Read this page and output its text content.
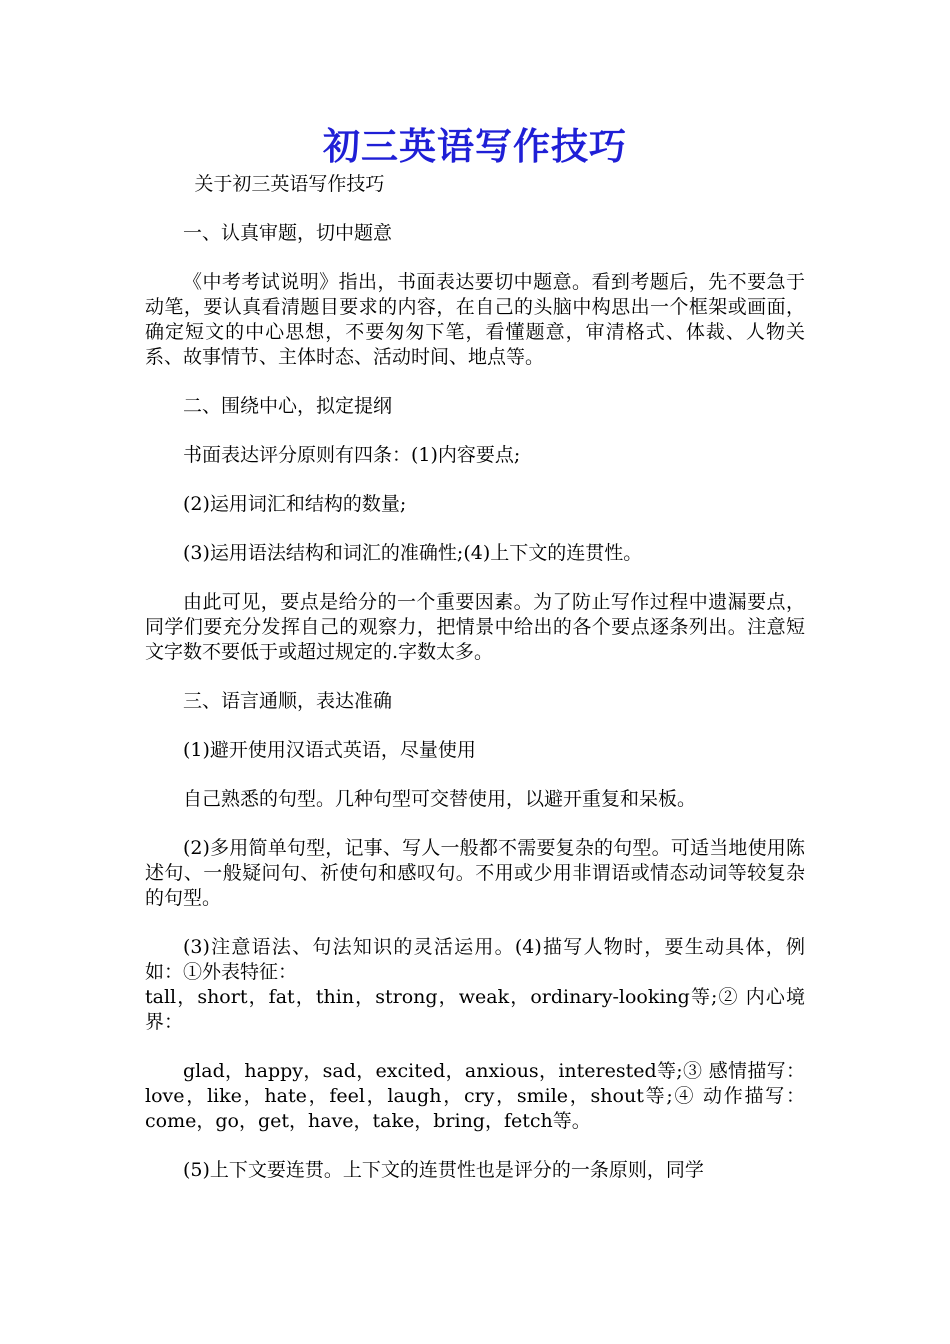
初三英语写作技巧

关于初三英语写作技巧

一、认真审题，切中题意

《中考考试说明》指出，书面表达要切中题意。看到考题后，先不要急于动笔，要认真看清题目要求的内容，在自己的头脑中构思出一个框架或画面，确定短文的中心思想，不要匆匆下笔，看懂题意，审清格式、体裁、人物关系、故事情节、主体时态、活动时间、地点等。

二、围绕中心，拟定提纲

书面表达评分原则有四条：(1)内容要点;

(2)运用词汇和结构的数量;

(3)运用语法结构和词汇的准确性;(4)上下文的连贯性。

由此可见，要点是给分的一个重要因素。为了防止写作过程中遗漏要点，同学们要充分发挥自己的观察力，把情景中给出的各个要点逐条列出。注意短文字数不要低于或超过规定的.字数太多。

三、语言通顺，表达准确

(1)避开使用汉语式英语，尽量使用

自己熟悉的句型。几种句型可交替使用，以避开重复和呆板。

(2)多用简单句型，记事、写人一般都不需要复杂的句型。可适当地使用陈述句、一般疑问句、祈使句和感叹句。不用或少用非谓语或情态动词等较复杂的句型。

(3)注意语法、句法知识的灵活运用。(4)描写人物时，要生动具体，例如：①外表特征：

tall，short，fat，thin，strong，weak，ordinary-looking等;② 内心境界：

glad，happy，sad，excited，anxious，interested等;③ 感情描写：love，like，hate，feel，laugh，cry，smile，shout等;④ 动作描写：come，go，get，have，take，bring，fetch等。

(5)上下文要连贯。上下文的连贯性也是评分的一条原则，同学
